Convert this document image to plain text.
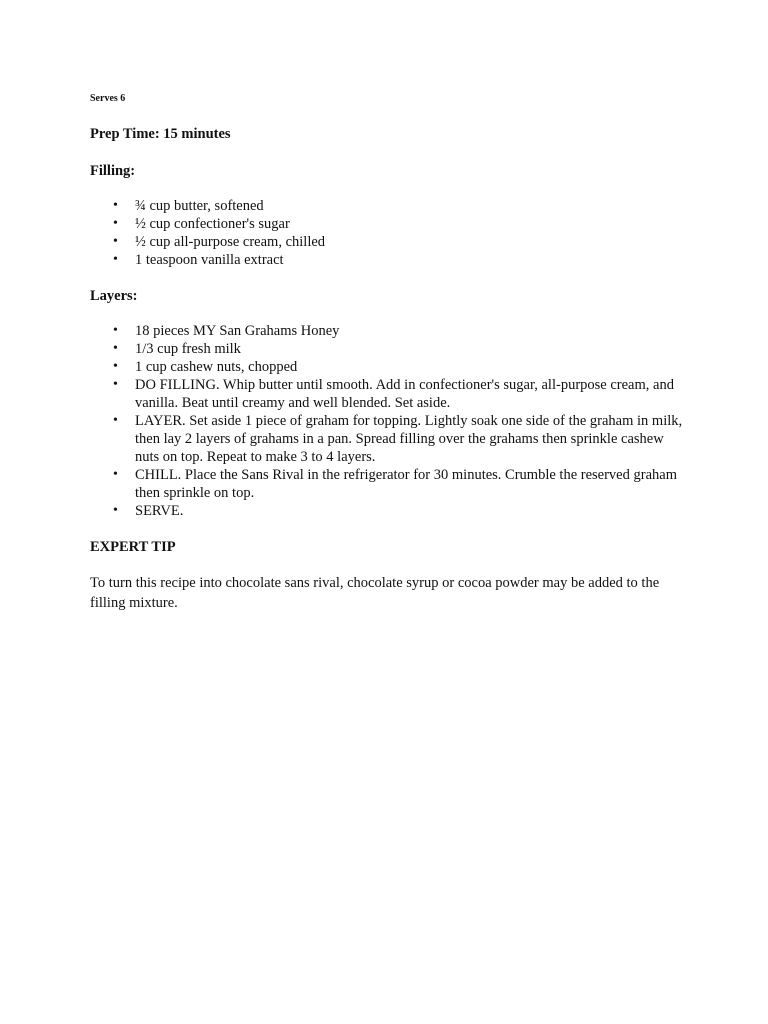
Serves 6

Prep Time: 15 minutes

Filling:

• ¾ cup butter, softened
• ½ cup confectioner's sugar
• ½ cup all-purpose cream, chilled
• 1 teaspoon vanilla extract

Layers:

• 18 pieces MY San Grahams Honey
• 1/3 cup fresh milk
• 1 cup cashew nuts, chopped
• DO FILLING. Whip butter until smooth. Add in confectioner's sugar, all-purpose cream, and vanilla. Beat until creamy and well blended. Set aside.
• LAYER. Set aside 1 piece of graham for topping. Lightly soak one side of the graham in milk, then lay 2 layers of grahams in a pan. Spread filling over the grahams then sprinkle cashew nuts on top. Repeat to make 3 to 4 layers.
• CHILL. Place the Sans Rival in the refrigerator for 30 minutes. Crumble the reserved graham then sprinkle on top.
• SERVE.

EXPERT TIP

To turn this recipe into chocolate sans rival, chocolate syrup or cocoa powder may be added to the filling mixture.
